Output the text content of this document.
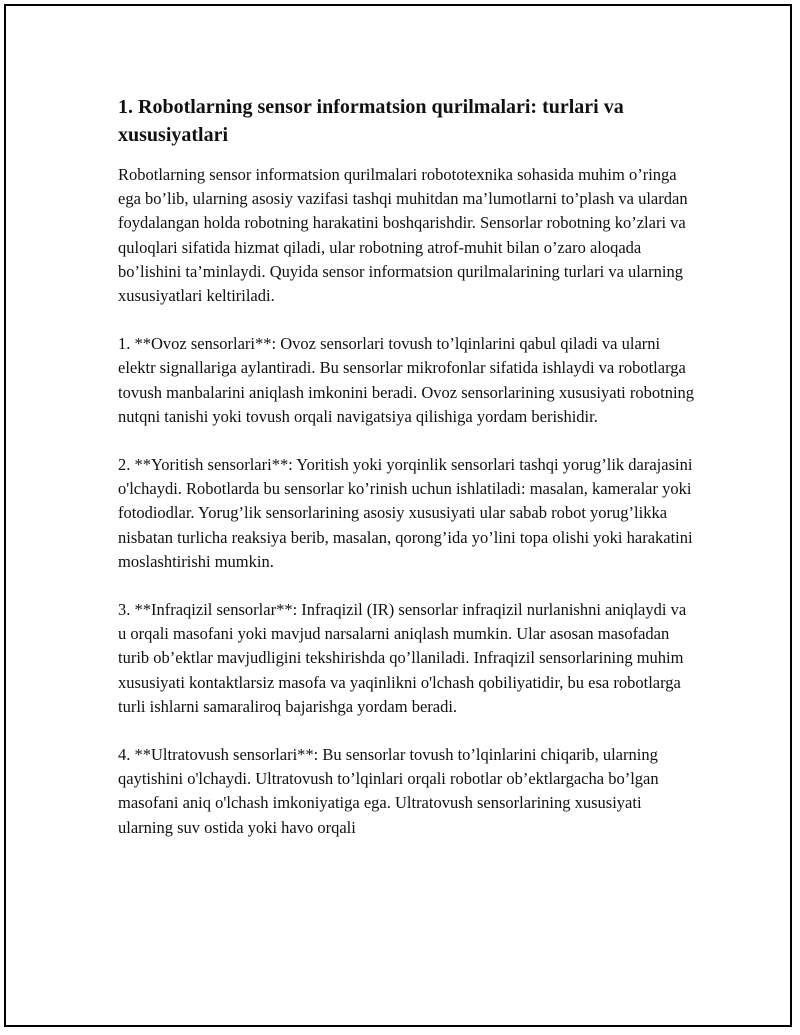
1. Robotlarning sensor informatsion qurilmalari: turlari va xususiyatlari

Robotlarning sensor informatsion qurilmalari robototexnika sohasida muhim o’ringa ega bo’lib, ularning asosiy vazifasi tashqi muhitdan ma’lumotlarni to’plash va ulardan foydalangan holda robotning harakatini boshqarishdir. Sensorlar robotning ko’zlari va quloqlari sifatida hizmat qiladi, ular robotning atrof-muhit bilan o’zaro aloqada bo’lishini ta’minlaydi. Quyida sensor informatsion qurilmalarining turlari va ularning xususiyatlari keltiriladi.

1. **Ovoz sensorlari**: Ovoz sensorlari tovush to’lqinlarini qabul qiladi va ularni elektr signallariga aylantiradi. Bu sensorlar mikrofonlar sifatida ishlaydi va robotlarga tovush manbalarini aniqlash imkonini beradi. Ovoz sensorlarining xususiyati robotning nutqni tanishi yoki tovush orqali navigatsiya qilishiga yordam berishidir.

2. **Yoritish sensorlari**: Yoritish yoki yorqinlik sensorlari tashqi yorug’lik darajasini o'lchaydi. Robotlarda bu sensorlar ko’rinish uchun ishlatiladi: masalan, kameralar yoki fotodiodlar. Yorug’lik sensorlarining asosiy xususiyati ular sabab robot yorug’likka nisbatan turlicha reaksiya berib, masalan, qorong’ida yo’lini topa olishi yoki harakatini moslashtirishi mumkin.

3. **Infraqizil sensorlar**: Infraqizil (IR) sensorlar infraqizil nurlanishni aniqlaydi va u orqali masofani yoki mavjud narsalarni aniqlash mumkin. Ular asosan masofadan turib ob’ektlar mavjudligini tekshirishda qo’llaniladi. Infraqizil sensorlarining muhim xususiyati kontaktlarsiz masofa va yaqinlikni o'lchash qobiliyatidir, bu esa robotlarga turli ishlarni samaraliroq bajarishga yordam beradi.

4. **Ultratovush sensorlari**: Bu sensorlar tovush to’lqinlarini chiqarib, ularning qaytishini o'lchaydi. Ultratovush to’lqinlari orqali robotlar ob’ektlargacha bo’lgan masofani aniq o'lchash imkoniyatiga ega. Ultratovush sensorlarining xususiyati ularning suv ostida yoki havo orqali
